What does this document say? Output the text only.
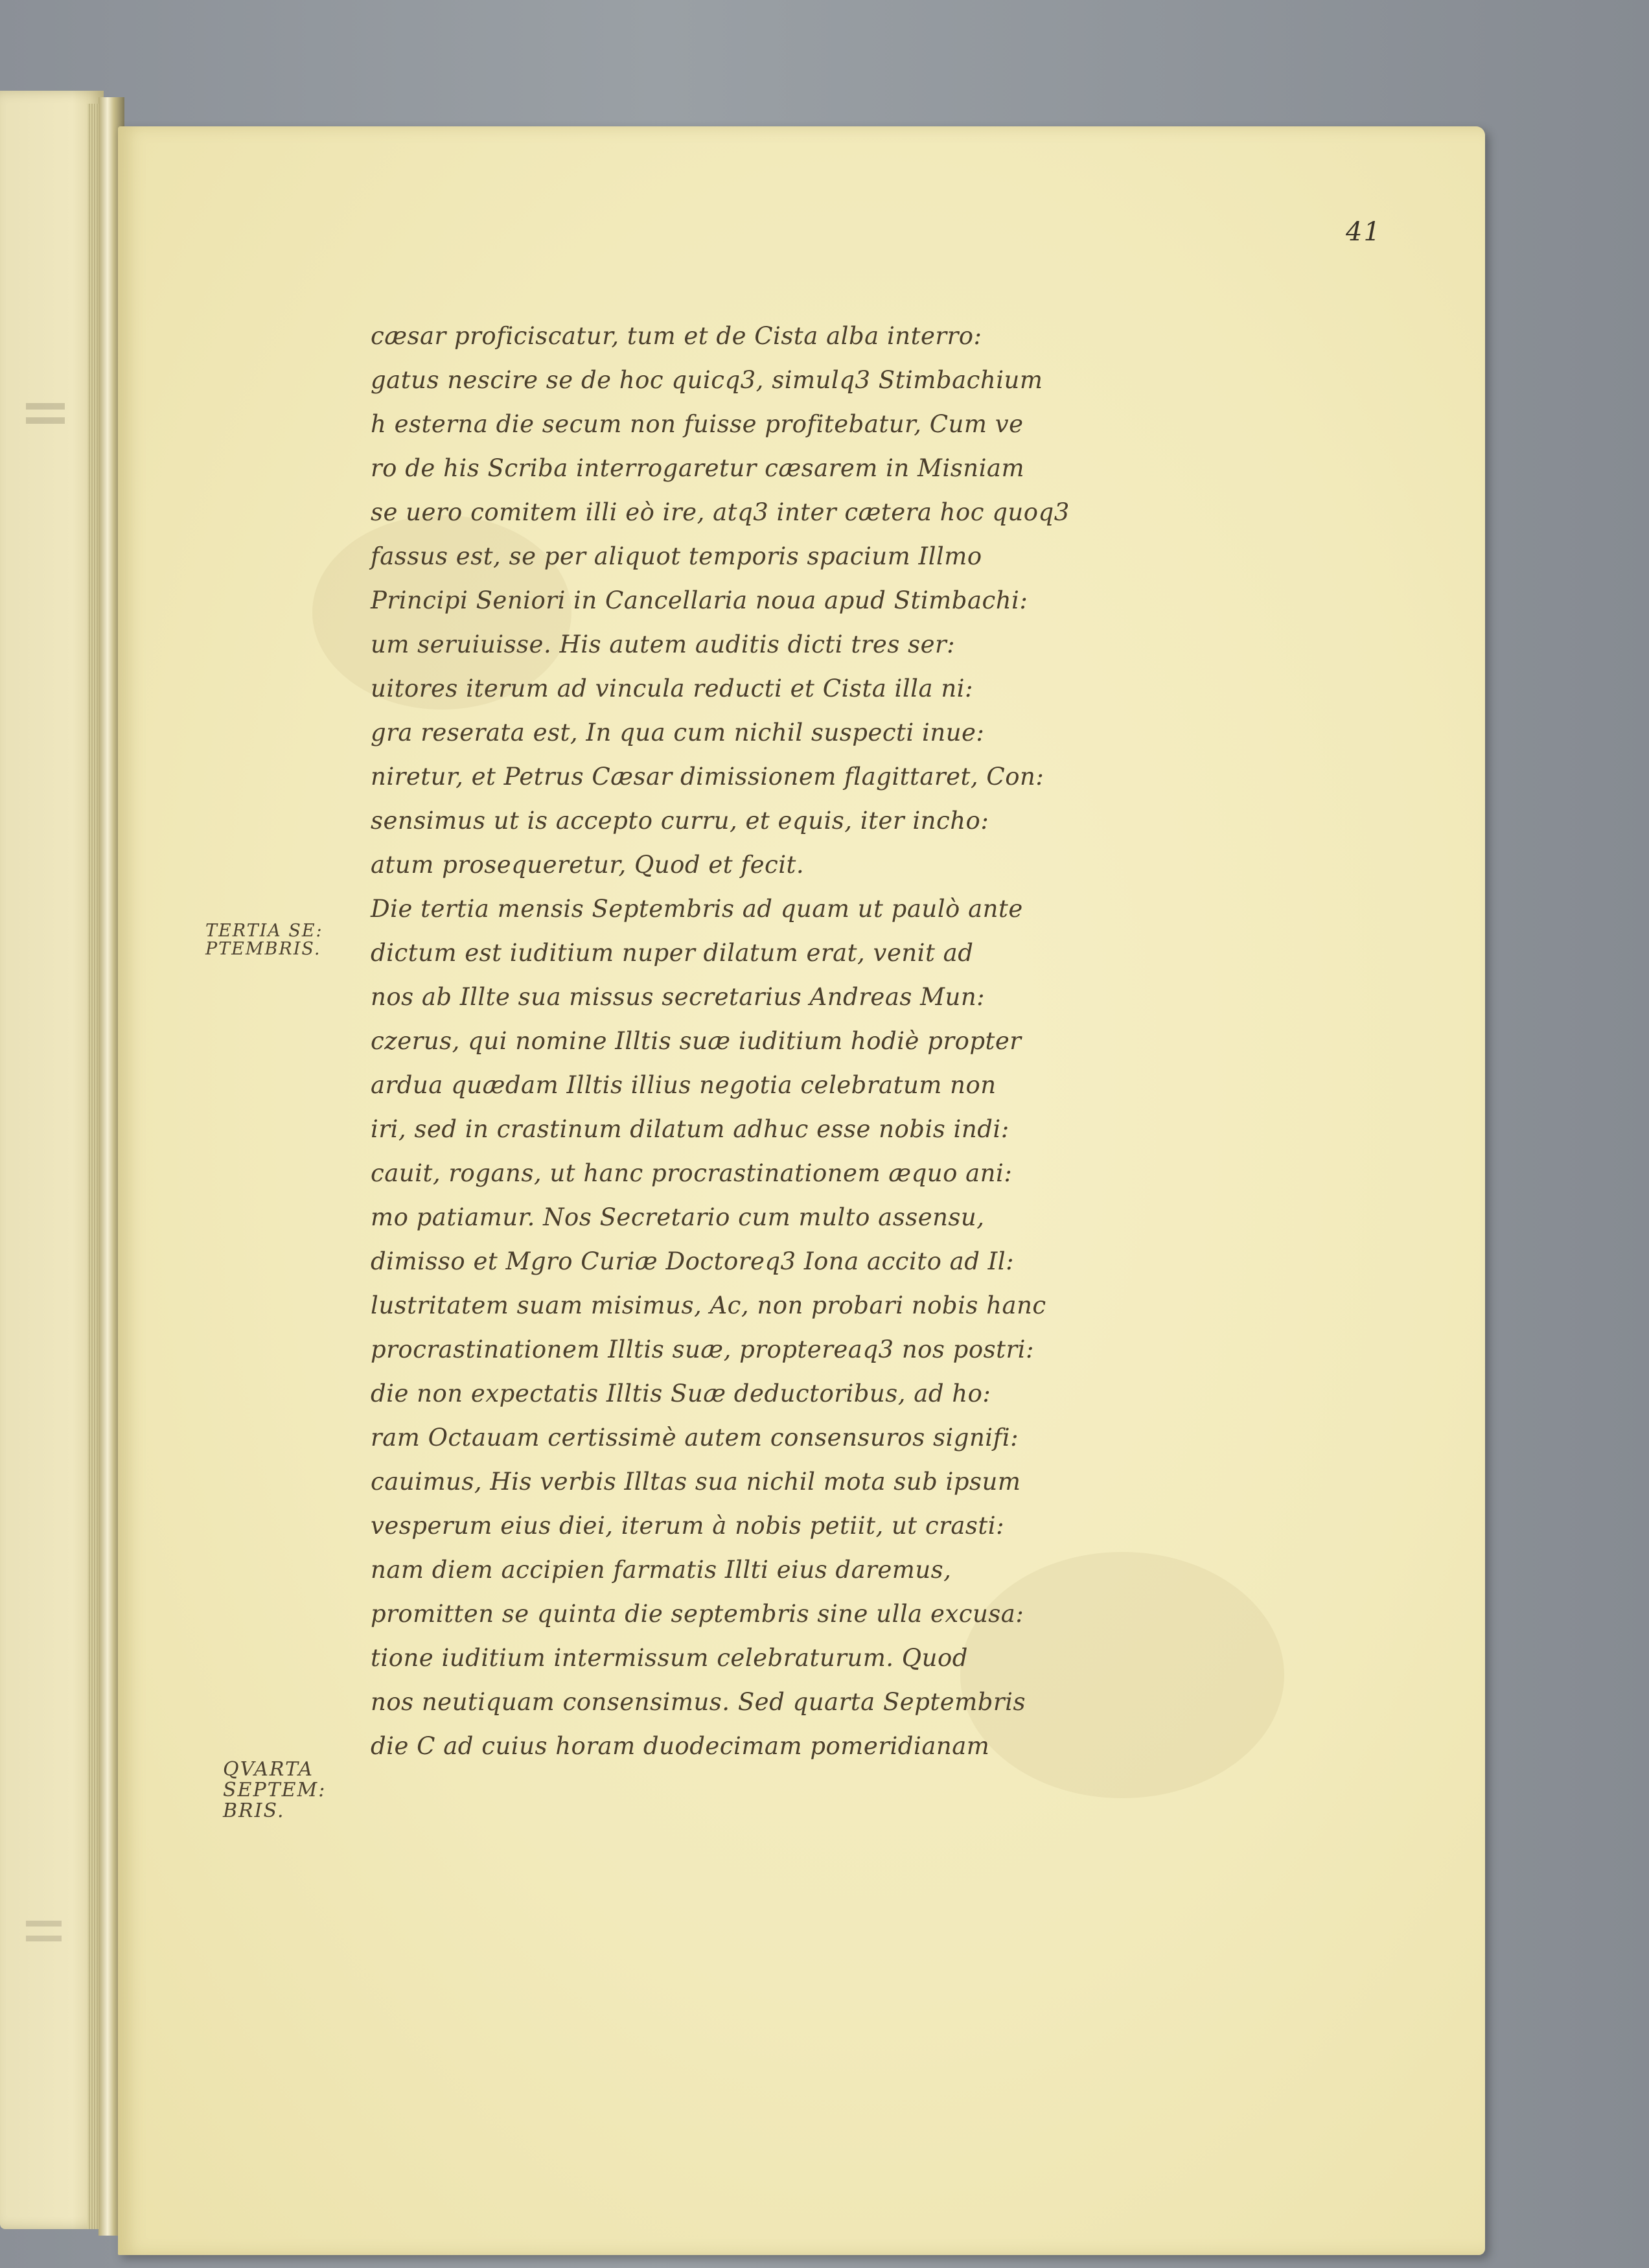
41
cæsar proficiscatur, tum et de Cista alba interro:
gatus nescire se de hoc quicq3, simulq3 Stimbachium
h esterna die secum non fuisse profitebatur, Cum ve
ro de his Scriba interrogaretur cæsarem in Misniam
se uero comitem illi eò ire, atq3 inter cætera hoc quoq3
fassus est, se per aliquot temporis spacium Illmo
Principi Seniori in Cancellaria noua apud Stimbachi:
um seruiuisse. His autem auditis dicti tres ser:
uitores iterum ad vincula reducti et Cista illa ni:
gra reserata est, In qua cum nichil suspecti inue:
niretur, et Petrus Cæsar dimissionem flagittaret, Con:
sensimus ut is accepto curru, et equis, iter incho:
atum prosequeretur, Quod et fecit.
Die tertia mensis Septembris ad quam ut paulò ante
dictum est iuditium nuper dilatum erat, venit ad
nos ab Illte sua missus secretarius Andreas Mun:
czerus, qui nomine Illtis suæ iuditium hodiè propter
ardua quædam Illtis illius negotia celebratum non
iri, sed in crastinum dilatum adhuc esse nobis indi:
cauit, rogans, ut hanc procrastinationem æquo ani:
mo patiamur. Nos Secretario cum multo assensu,
dimisso et Mgro Curiæ Doctoreq3 Iona accito ad Il:
lustritatem suam misimus, Ac, non probari nobis hanc
procrastinationem Illtis suæ, proptereaq3 nos postri:
die non expectatis Illtis Suæ deductoribus, ad ho:
ram Octauam certissimè autem consensuros signifi:
cauimus, His verbis Illtas sua nichil mota sub ipsum
vesperum eius diei, iterum à nobis petiit, ut crasti:
nam diem accipien farmatis Illti eius daremus,
promitten se quinta die septembris sine ulla excusa:
tione iuditium intermissum celebraturum. Quod
nos neutiquam consensimus. Sed quarta Septembris
die C ad cuius horam duodecimam pomeridianam
TERTIA SE:
PTEMBRIS.
QVARTA
SEPTEM:
BRIS.
